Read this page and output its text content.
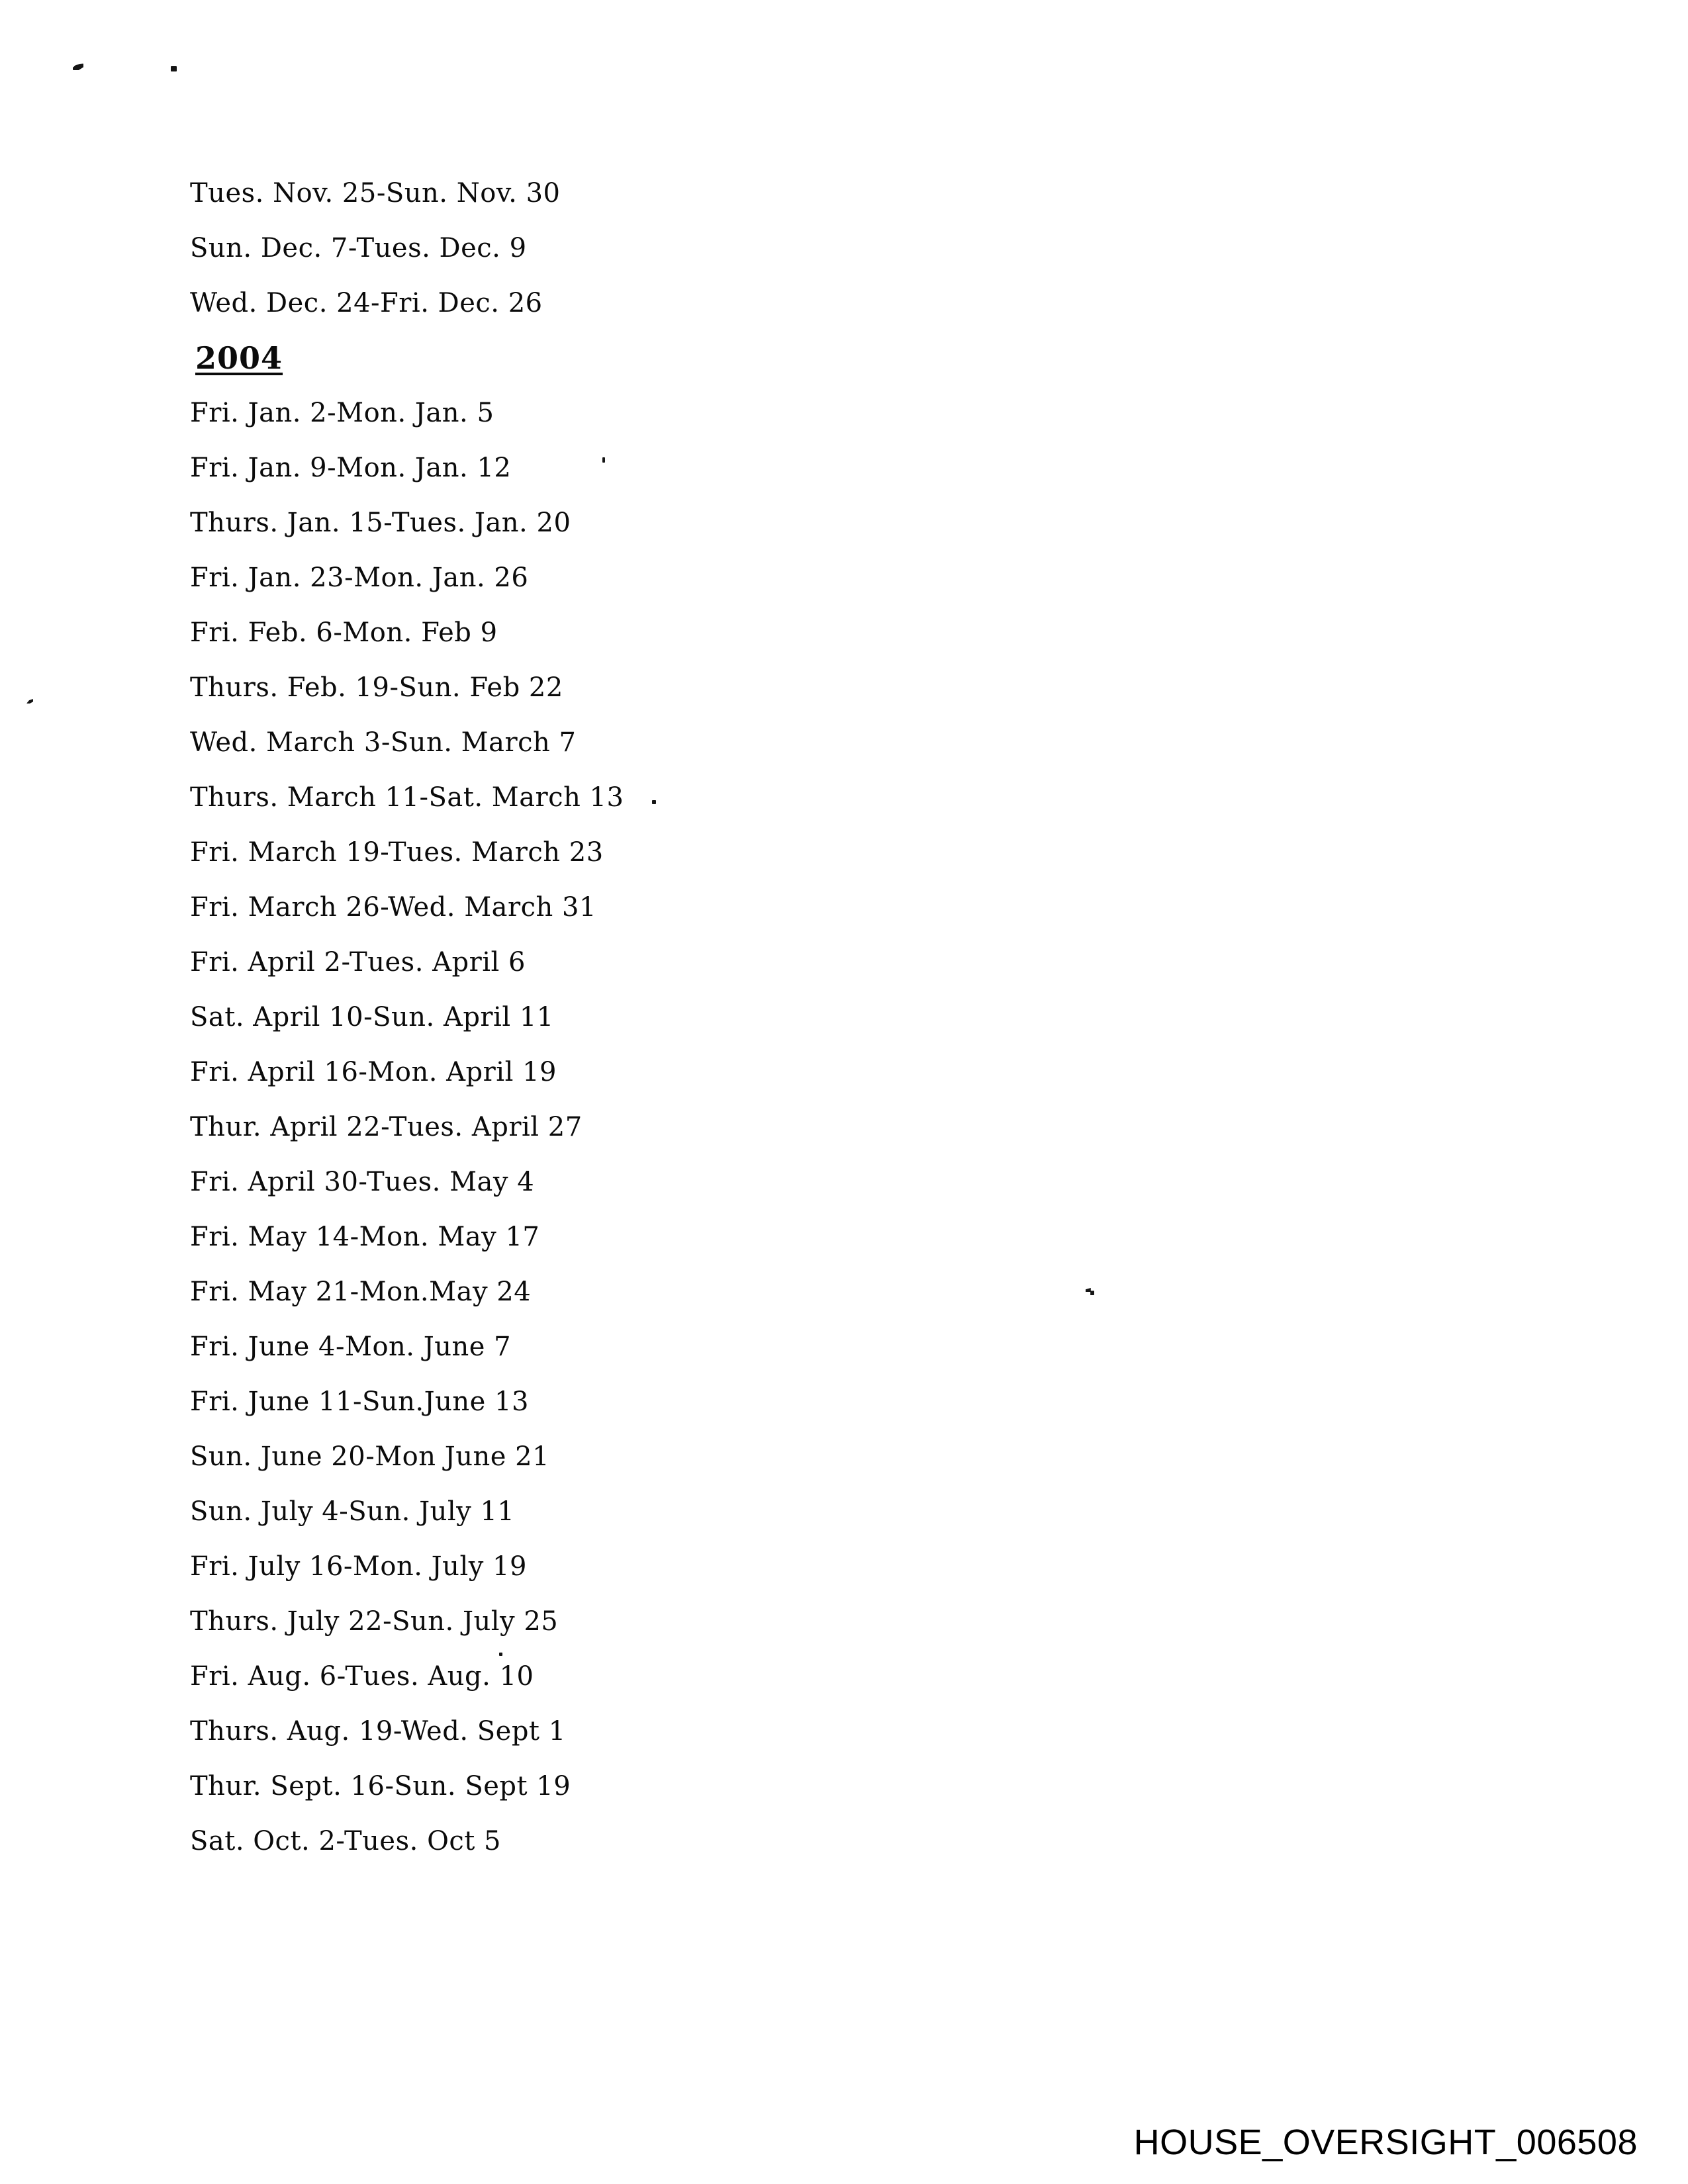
Tues. Nov. 25-Sun. Nov. 30
Sun. Dec. 7-Tues. Dec. 9
Wed. Dec. 24-Fri. Dec. 26
2004
Fri. Jan. 2-Mon. Jan. 5
Fri. Jan. 9-Mon. Jan. 12
Thurs. Jan. 15-Tues. Jan. 20
Fri. Jan. 23-Mon. Jan. 26
Fri. Feb. 6-Mon. Feb 9
Thurs. Feb. 19-Sun. Feb 22
Wed. March 3-Sun. March 7
Thurs. March 11-Sat. March 13
Fri. March 19-Tues. March 23
Fri. March 26-Wed. March 31
Fri. April 2-Tues. April 6
Sat. April 10-Sun. April 11
Fri. April 16-Mon. April 19
Thur. April 22-Tues. April 27
Fri. April 30-Tues. May 4
Fri. May 14-Mon. May 17
Fri. May 21-Mon.May 24
Fri. June 4-Mon. June 7
Fri. June 11-Sun.June 13
Sun. June 20-Mon June 21
Sun. July 4-Sun. July 11
Fri. July 16-Mon. July 19
Thurs. July 22-Sun. July 25
Fri. Aug. 6-Tues. Aug. 10
Thurs. Aug. 19-Wed. Sept 1
Thur. Sept. 16-Sun. Sept 19
Sat. Oct. 2-Tues. Oct 5
HOUSE_OVERSIGHT_006508
